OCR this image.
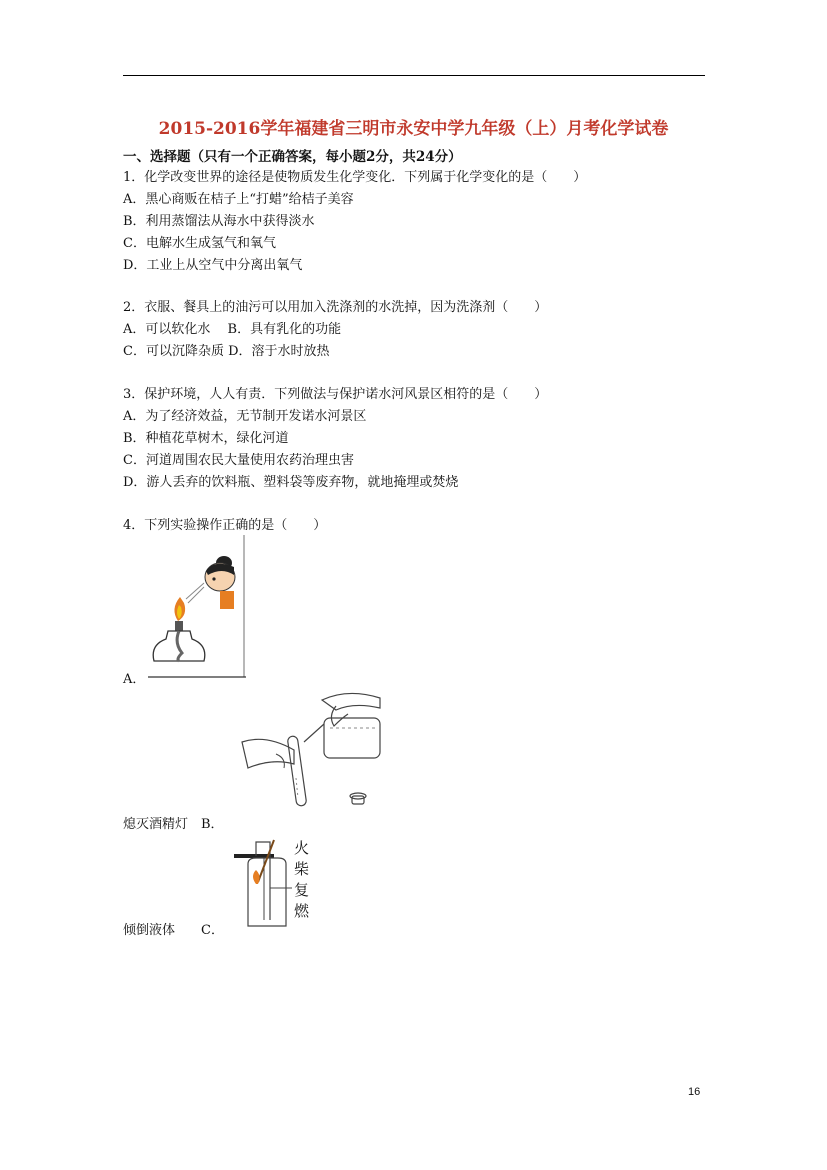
2015-2016学年福建省三明市永安中学九年级（上）月考化学试卷
一、选择题（只有一个正确答案，每小题2分，共24分）
1．化学改变世界的途径是使物质发生化学变化．下列属于化学变化的是（　　）
A．黑心商贩在桔子上“打蜡”给桔子美容
B．利用蒸馏法从海水中获得淡水
C．电解水生成氢气和氧气
D．工业上从空气中分离出氧气
2．衣服、餐具上的油污可以用加入洗涤剂的水洗掉，因为洗涤剂（　　）
A．可以软化水　 B．具有乳化的功能
C．可以沉降杂质 D．溶于水时放热
3．保护环境，人人有责．下列做法与保护诺水河风景区相符的是（　　）
A．为了经济效益，无节制开发诺水河景区
B．种植花草树木，绿化河道
C．河道周围农民大量使用农药治理虫害
D．游人丢弃的饮料瓶、塑料袋等废弃物，就地掩埋或焚烧
4．下列实验操作正确的是（　　）
A．
熄灭酒精灯　B．
火
柴
复
燃
倾倒液体　　C．
16
